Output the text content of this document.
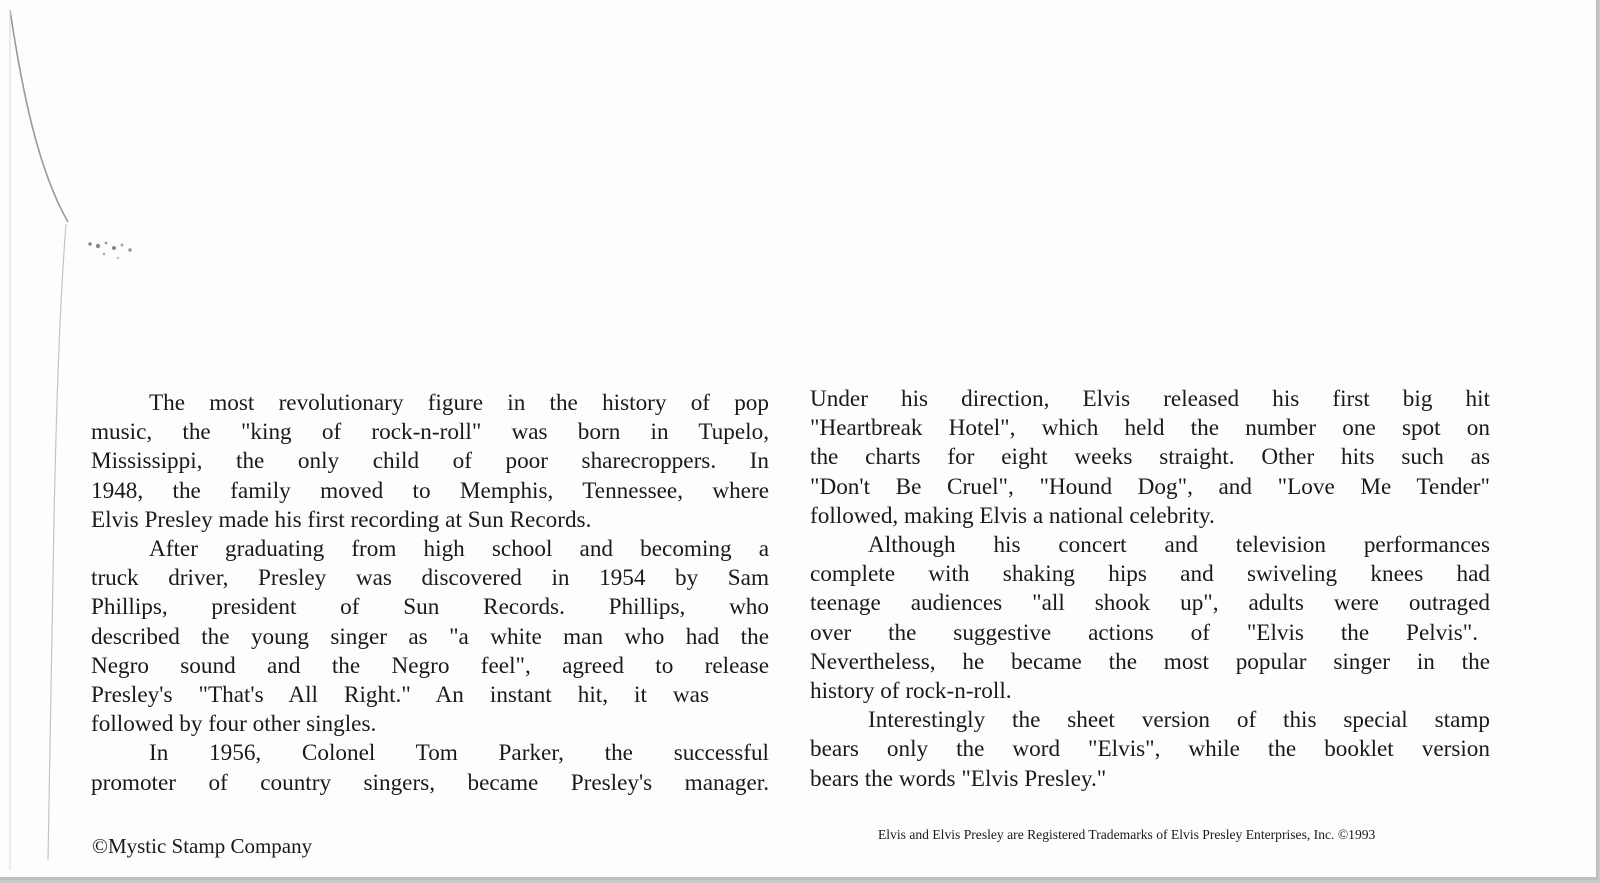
The most revolutionary figure in the history of pop
music, the "king of rock-n-roll" was born in Tupelo,
Mississippi, the only child of poor sharecroppers. In
1948, the family moved to Memphis, Tennessee, where
Elvis Presley made his first recording at Sun Records.
After graduating from high school and becoming a
truck driver, Presley was discovered in 1954 by Sam
Phillips, president of Sun Records. Phillips, who
described the young singer as "a white man who had the
Negro sound and the Negro feel", agreed to release
Presley's "That's All Right." An instant hit, it was
followed by four other singles.
In 1956, Colonel Tom Parker, the successful
promoter of country singers, became Presley's manager.
Under his direction, Elvis released his first big hit
"Heartbreak Hotel", which held the number one spot on
the charts for eight weeks straight. Other hits such as
"Don't Be Cruel", "Hound Dog", and "Love Me Tender"
followed, making Elvis a national celebrity.
Although his concert and television performances
complete with shaking hips and swiveling knees had
teenage audiences "all shook up", adults were outraged
over the suggestive actions of "Elvis the Pelvis".
Nevertheless, he became the most popular singer in the
history of rock-n-roll.
Interestingly the sheet version of this special stamp
bears only the word "Elvis", while the booklet version
bears the words "Elvis Presley."
©Mystic Stamp Company	Elvis and Elvis Presley are Registered Trademarks of Elvis Presley Enterprises, Inc. ©1993
